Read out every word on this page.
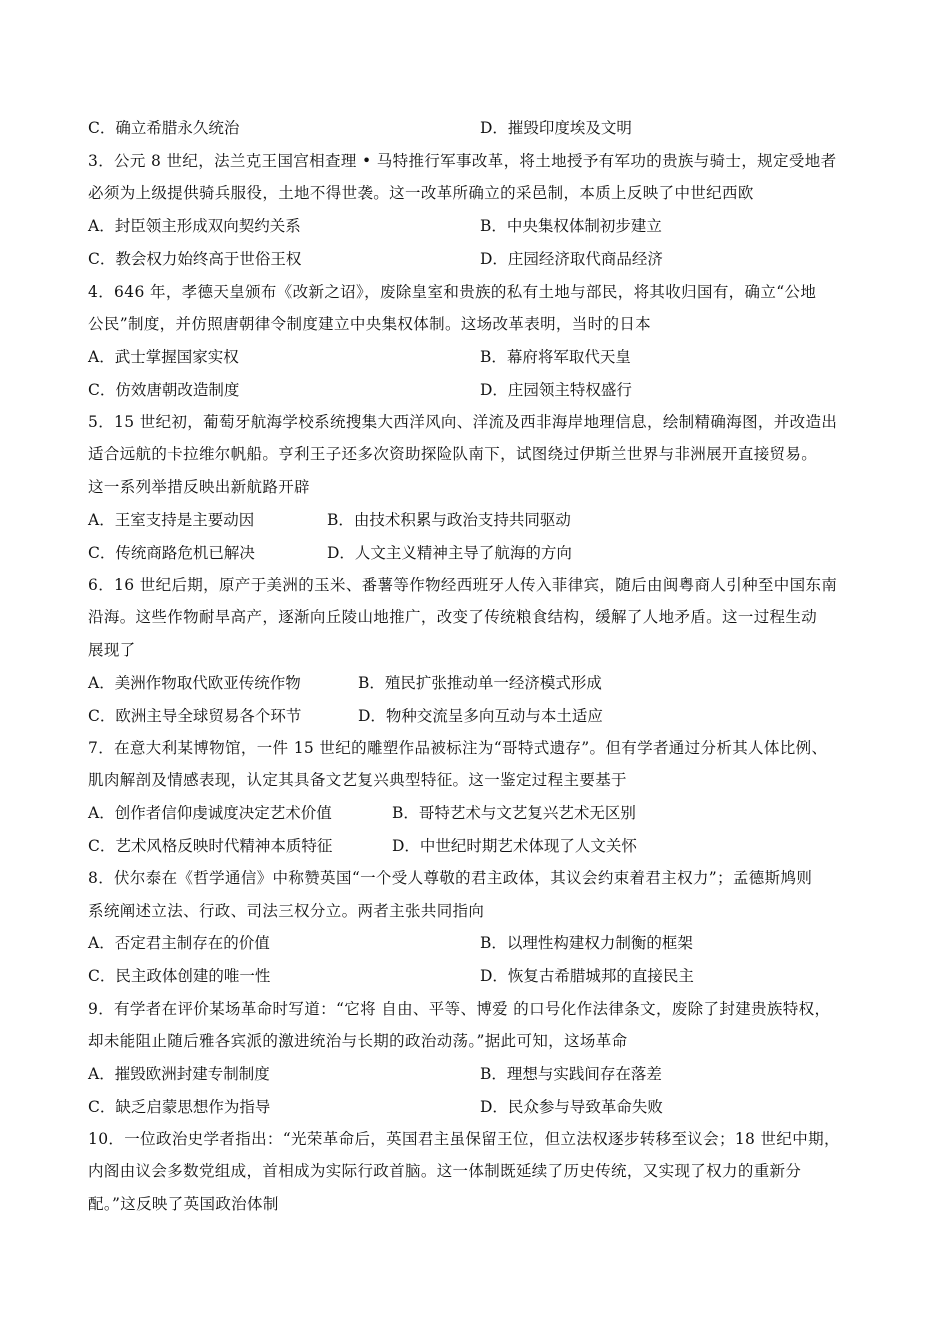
C．确立希腊永久统治	D．摧毁印度埃及文明
3．公元 8 世纪，法兰克王国宫相查理 • 马特推行军事改革，将土地授予有军功的贵族与骑士，规定受地者
必须为上级提供骑兵服役，土地不得世袭。这一改革所确立的采邑制，本质上反映了中世纪西欧
A．封臣领主形成双向契约关系	B．中央集权体制初步建立
C．教会权力始终高于世俗王权	D．庄园经济取代商品经济
4．646 年，孝德天皇颁布《改新之诏》，废除皇室和贵族的私有土地与部民，将其收归国有，确立“公地
公民”制度，并仿照唐朝律令制度建立中央集权体制。这场改革表明，当时的日本
A．武士掌握国家实权	B．幕府将军取代天皇
C．仿效唐朝改造制度	D．庄园领主特权盛行
5．15 世纪初，葡萄牙航海学校系统搜集大西洋风向、洋流及西非海岸地理信息，绘制精确海图，并改造出
适合远航的卡拉维尔帆船。亨利王子还多次资助探险队南下，试图绕过伊斯兰世界与非洲展开直接贸易。
这一系列举措反映出新航路开辟
A．王室支持是主要动因	B．由技术积累与政治支持共同驱动
C．传统商路危机已解决	D．人文主义精神主导了航海的方向
6．16 世纪后期，原产于美洲的玉米、番薯等作物经西班牙人传入菲律宾，随后由闽粤商人引种至中国东南
沿海。这些作物耐旱高产，逐渐向丘陵山地推广，改变了传统粮食结构，缓解了人地矛盾。这一过程生动
展现了
A．美洲作物取代欧亚传统作物	B．殖民扩张推动单一经济模式形成
C．欧洲主导全球贸易各个环节	D．物种交流呈多向互动与本土适应
7．在意大利某博物馆，一件 15 世纪的雕塑作品被标注为“哥特式遗存”。但有学者通过分析其人体比例、
肌肉解剖及情感表现，认定其具备文艺复兴典型特征。这一鉴定过程主要基于
A．创作者信仰虔诚度决定艺术价值	B．哥特艺术与文艺复兴艺术无区别
C．艺术风格反映时代精神本质特征	D．中世纪时期艺术体现了人文关怀
8．伏尔泰在《哲学通信》中称赞英国“一个受人尊敬的君主政体，其议会约束着君主权力”；孟德斯鸠则
系统阐述立法、行政、司法三权分立。两者主张共同指向
A．否定君主制存在的价值	B．以理性构建权力制衡的框架
C．民主政体创建的唯一性	D．恢复古希腊城邦的直接民主
9．有学者在评价某场革命时写道：“它将 自由、平等、博爱 的口号化作法律条文，废除了封建贵族特权，
却未能阻止随后雅各宾派的激进统治与长期的政治动荡。”据此可知，这场革命
A．摧毁欧洲封建专制制度	B．理想与实践间存在落差
C．缺乏启蒙思想作为指导	D．民众参与导致革命失败
10．一位政治史学者指出：“光荣革命后，英国君主虽保留王位，但立法权逐步转移至议会；18 世纪中期，
内阁由议会多数党组成，首相成为实际行政首脑。这一体制既延续了历史传统，又实现了权力的重新分
配。”这反映了英国政治体制
